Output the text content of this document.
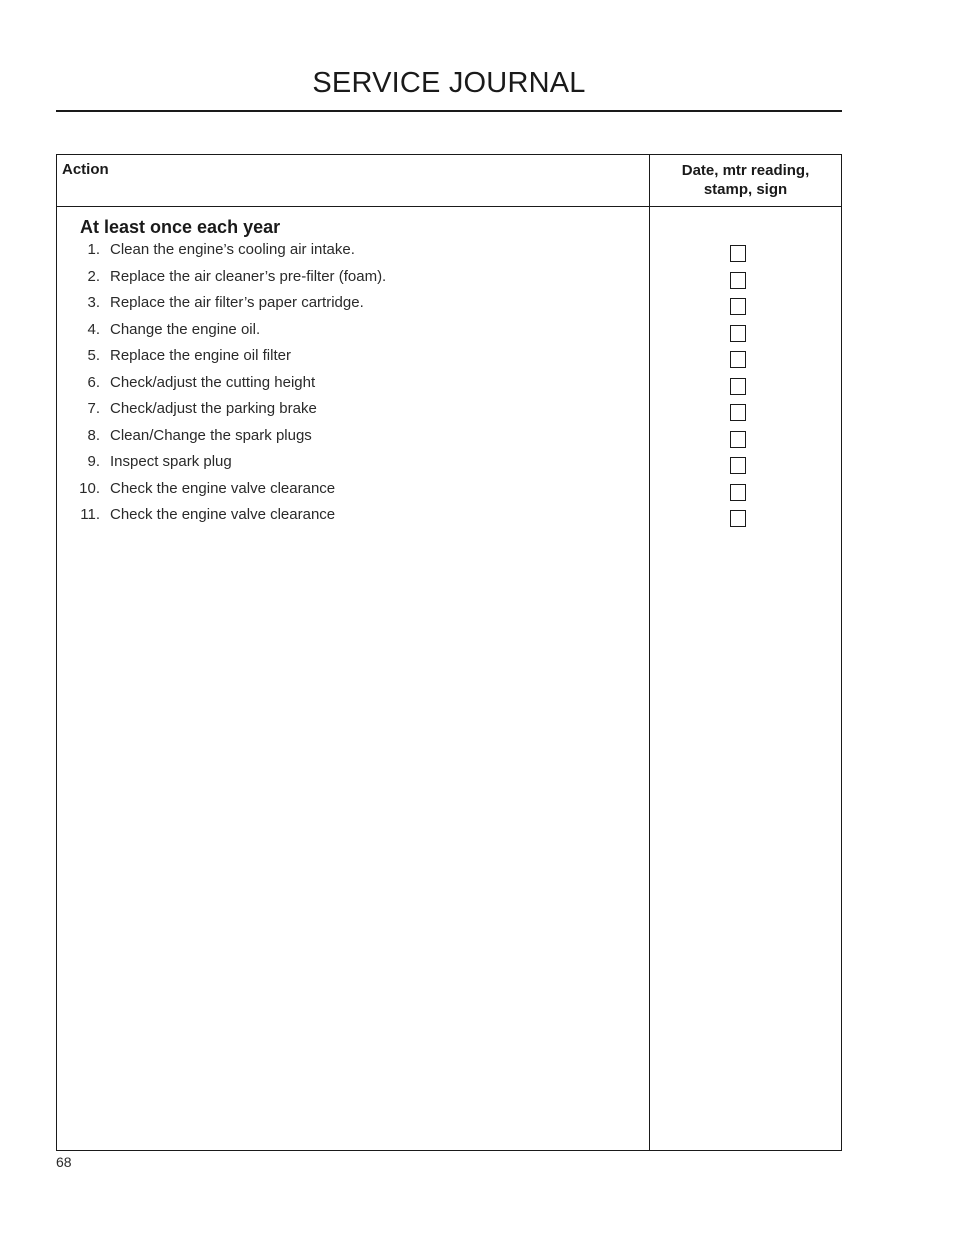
SERVICE JOURNAL
Action	Date, mtr reading,
stamp, sign
At least once each year
1. Clean the engine’s cooling air intake.
2. Replace the air cleaner’s pre-filter (foam).
3. Replace the air filter’s paper cartridge.
4. Change the engine oil.
5. Replace the engine oil filter
6. Check/adjust the cutting height
7. Check/adjust the parking brake
8. Clean/Change the spark plugs
9. Inspect spark plug
10. Check the engine valve clearance
11. Check the engine valve clearance
68
